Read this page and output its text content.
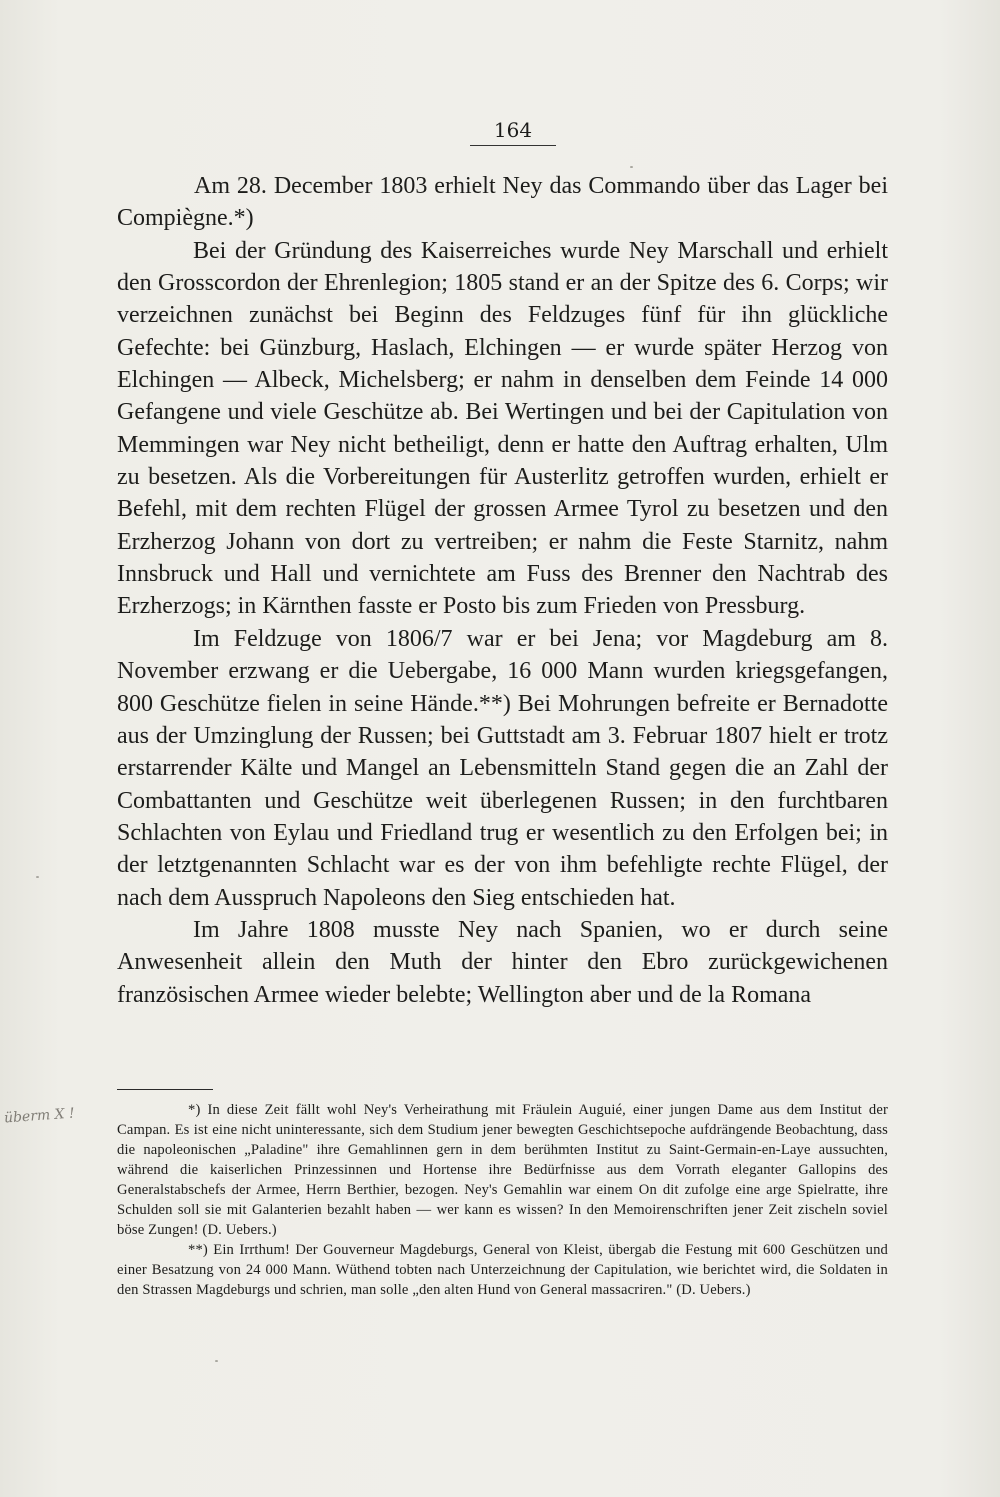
164

Am 28. December 1803 erhielt Ney das Commando über das Lager bei Compiègne.*)

Bei der Gründung des Kaiserreiches wurde Ney Marschall und erhielt den Grosscordon der Ehrenlegion; 1805 stand er an der Spitze des 6. Corps; wir verzeichnen zunächst bei Beginn des Feldzuges fünf für ihn glückliche Gefechte: bei Günzburg, Haslach, Elchingen — er wurde später Herzog von Elchingen — Albeck, Michelsberg; er nahm in denselben dem Feinde 14 000 Gefangene und viele Geschütze ab. Bei Wertingen und bei der Capitulation von Memmingen war Ney nicht betheiligt, denn er hatte den Auftrag erhalten, Ulm zu besetzen. Als die Vorbereitungen für Austerlitz getroffen wurden, erhielt er Befehl, mit dem rechten Flügel der grossen Armee Tyrol zu besetzen und den Erzherzog Johann von dort zu vertreiben; er nahm die Feste Starnitz, nahm Innsbruck und Hall und vernichtete am Fuss des Brenner den Nachtrab des Erzherzogs; in Kärnthen fasste er Posto bis zum Frieden von Pressburg.

Im Feldzuge von 1806/7 war er bei Jena; vor Magdeburg am 8. November erzwang er die Uebergabe, 16 000 Mann wurden kriegsgefangen, 800 Geschütze fielen in seine Hände.**) Bei Mohrungen befreite er Bernadotte aus der Umzinglung der Russen; bei Guttstadt am 3. Februar 1807 hielt er trotz erstarrender Kälte und Mangel an Lebensmitteln Stand gegen die an Zahl der Combattanten und Geschütze weit überlegenen Russen; in den furchtbaren Schlachten von Eylau und Friedland trug er wesentlich zu den Erfolgen bei; in der letztgenannten Schlacht war es der von ihm befehligte rechte Flügel, der nach dem Ausspruch Napoleons den Sieg entschieden hat.

Im Jahre 1808 musste Ney nach Spanien, wo er durch seine Anwesenheit allein den Muth der hinter den Ebro zurückgewichenen französischen Armee wieder belebte; Wellington aber und de la Romana

*) In diese Zeit fällt wohl Ney's Verheirathung mit Fräulein Auguié, einer jungen Dame aus dem Institut der Campan. Es ist eine nicht uninteressante, sich dem Studium jener bewegten Geschichtsepoche aufdrängende Beobachtung, dass die napoleonischen „Paladine" ihre Gemahlinnen gern in dem berühmten Institut zu Saint-Germain-en-Laye aussuchten, während die kaiserlichen Prinzessinnen und Hortense ihre Bedürfnisse aus dem Vorrath eleganter Gallopins des Generalstabschefs der Armee, Herrn Berthier, bezogen. Ney's Gemahlin war einem On dit zufolge eine arge Spielratte, ihre Schulden soll sie mit Galanterien bezahlt haben — wer kann es wissen? In den Memoirenschriften jener Zeit zischeln soviel böse Zungen! (D. Uebers.)

**) Ein Irrthum! Der Gouverneur Magdeburgs, General von Kleist, übergab die Festung mit 600 Geschützen und einer Besatzung von 24 000 Mann. Wüthend tobten nach Unterzeichnung der Capitulation, wie berichtet wird, die Soldaten in den Strassen Magdeburgs und schrien, man solle „den alten Hund von General massacriren." (D. Uebers.)

überm X !
